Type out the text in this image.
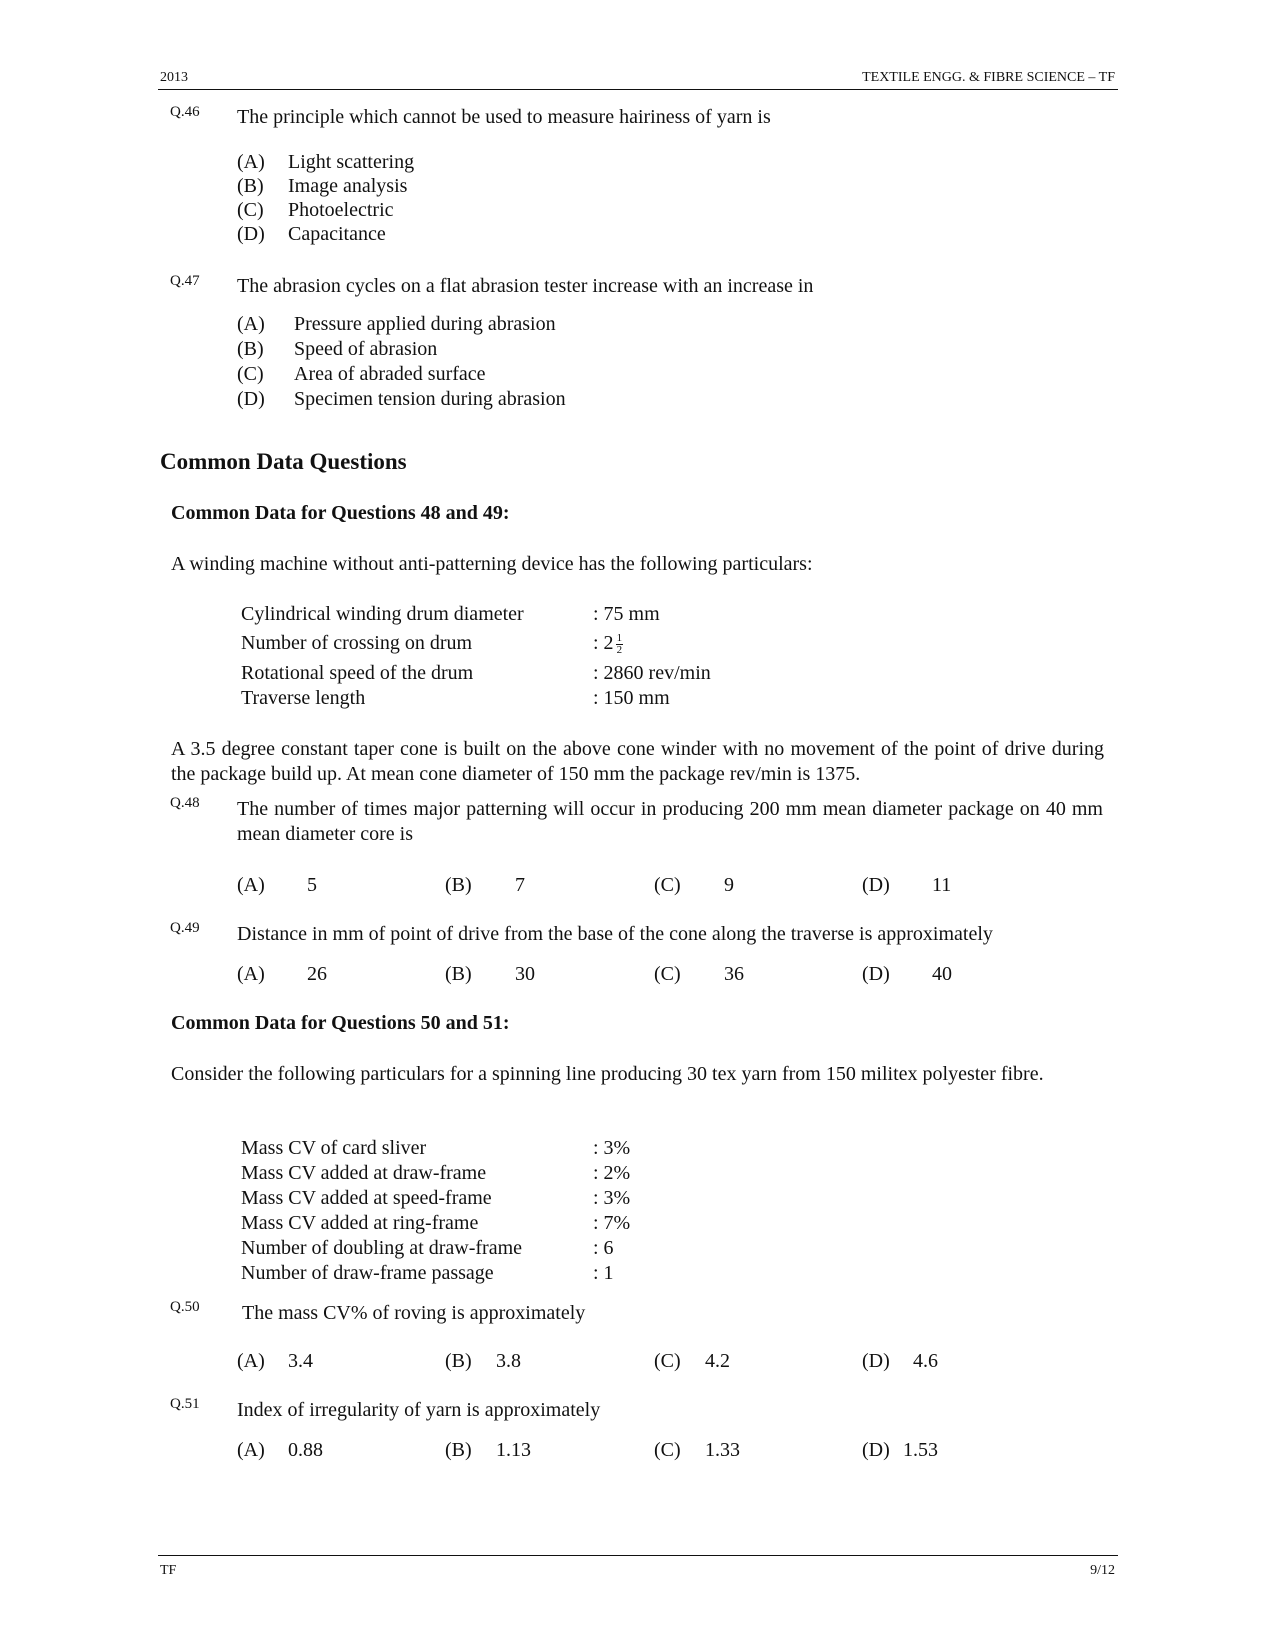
2013	TEXTILE ENGG. & FIBRE SCIENCE – TF
Q.46 The principle which cannot be used to measure hairiness of yarn is
(A) Light scattering
(B) Image analysis
(C) Photoelectric
(D) Capacitance
Q.47 The abrasion cycles on a flat abrasion tester increase with an increase in
(A) Pressure applied during abrasion
(B) Speed of abrasion
(C) Area of abraded surface
(D) Specimen tension during abrasion
Common Data Questions
Common Data for Questions 48 and 49:
A winding machine without anti-patterning device has the following particulars:
Cylindrical winding drum diameter	: 75 mm
Number of crossing on drum	: $2 \frac{1}{2}$
Rotational speed of the drum	: 2860 rev/min
Traverse length	: 150 mm
A 3.5 degree constant taper cone is built on the above cone winder with no movement of the point of drive during the package build up. At mean cone diameter of 150 mm the package rev/min is 1375.
Q.48 The number of times major patterning will occur in producing 200 mm mean diameter package on 40 mm mean diameter core is
(A) 5	(B) 7	(C) 9	(D) 11
Q.49 Distance in mm of point of drive from the base of the cone along the traverse is approximately
(A) 26	(B) 30	(C) 36	(D) 40
Common Data for Questions 50 and 51:
Consider the following particulars for a spinning line producing 30 tex yarn from 150 militex polyester fibre.
Mass CV of card sliver	: 3%
Mass CV added at draw-frame	: 2%
Mass CV added at speed-frame	: 3%
Mass CV added at ring-frame	: 7%
Number of doubling at draw-frame	: 6
Number of draw-frame passage	: 1
Q.50 The mass CV% of roving is approximately
(A) 3.4	(B) 3.8	(C) 4.2	(D) 4.6
Q.51 Index of irregularity of yarn is approximately
(A) 0.88	(B) 1.13	(C) 1.33	(D) 1.53
TF	9/12
